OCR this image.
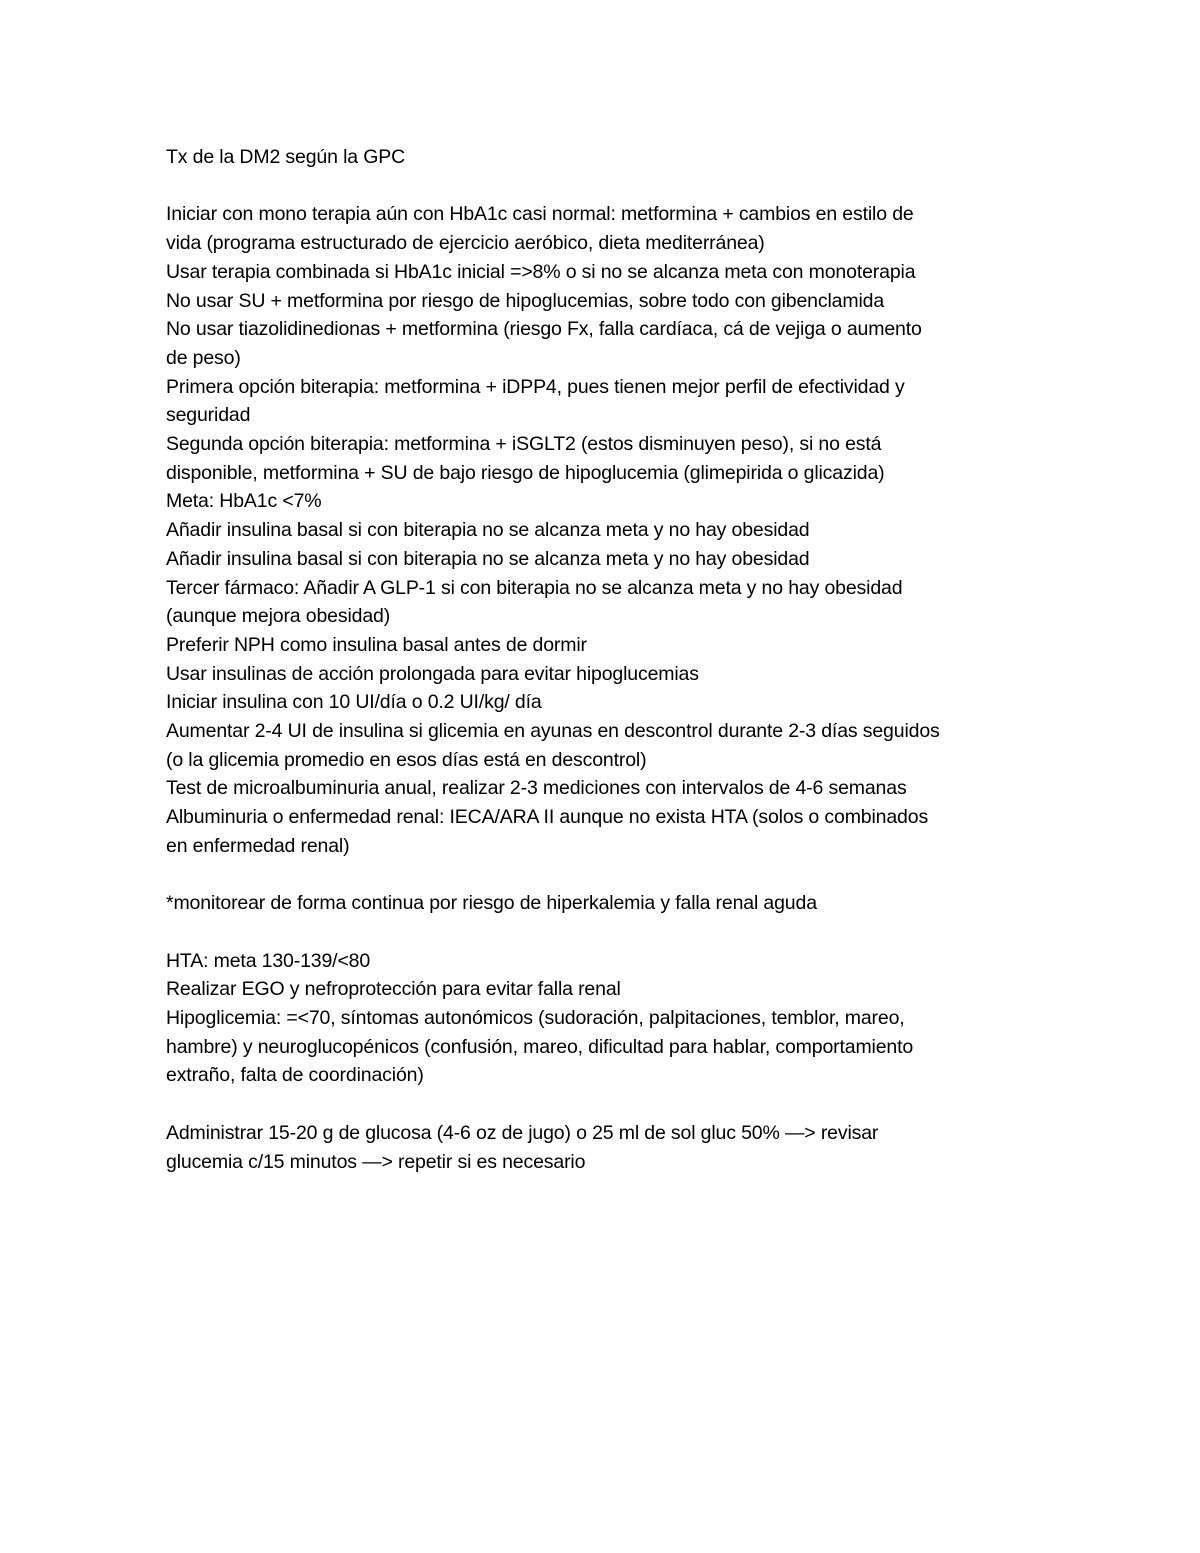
Tx de la DM2 según la GPC
Iniciar con mono terapia aún con HbA1c casi normal: metformina + cambios en estilo de
vida (programa estructurado de ejercicio aeróbico, dieta mediterránea)
Usar terapia combinada si HbA1c inicial =>8% o si no se alcanza meta con monoterapia
No usar SU + metformina por riesgo de hipoglucemias, sobre todo con gibenclamida
No usar tiazolidinedionas + metformina (riesgo Fx, falla cardíaca, cá de vejiga o aumento
de peso)
Primera opción biterapia: metformina + iDPP4, pues tienen mejor perfil de efectividad y
seguridad
Segunda opción biterapia: metformina + iSGLT2 (estos disminuyen peso), si no está
disponible, metformina + SU de bajo riesgo de hipoglucemia (glimepirida o glicazida)
Meta: HbA1c <7%
Añadir insulina basal si con biterapia no se alcanza meta y no hay obesidad
Añadir insulina basal si con biterapia no se alcanza meta y no hay obesidad
Tercer fármaco: Añadir A GLP-1 si con biterapia no se alcanza meta y no hay obesidad
(aunque mejora obesidad)
Preferir NPH como insulina basal antes de dormir
Usar insulinas de acción prolongada para evitar hipoglucemias
Iniciar insulina con 10 UI/día o 0.2 UI/kg/ día
Aumentar 2-4 UI de insulina si glicemia en ayunas en descontrol durante 2-3 días seguidos
(o la glicemia promedio en esos días está en descontrol)
Test de microalbuminuria anual, realizar 2-3 mediciones con intervalos de 4-6 semanas
Albuminuria o enfermedad renal: IECA/ARA II aunque no exista HTA (solos o combinados
en enfermedad renal)
*monitorear de forma continua por riesgo de hiperkalemia y falla renal aguda
HTA: meta 130-139/<80
Realizar EGO y nefroprotección para evitar falla renal
Hipoglicemia: =<70, síntomas autonómicos (sudoración, palpitaciones, temblor, mareo,
hambre) y neuroglucopénicos (confusión, mareo, dificultad para hablar, comportamiento
extraño, falta de coordinación)
Administrar 15-20 g de glucosa (4-6 oz de jugo) o 25 ml de sol gluc 50% —> revisar
glucemia c/15 minutos —> repetir si es necesario
